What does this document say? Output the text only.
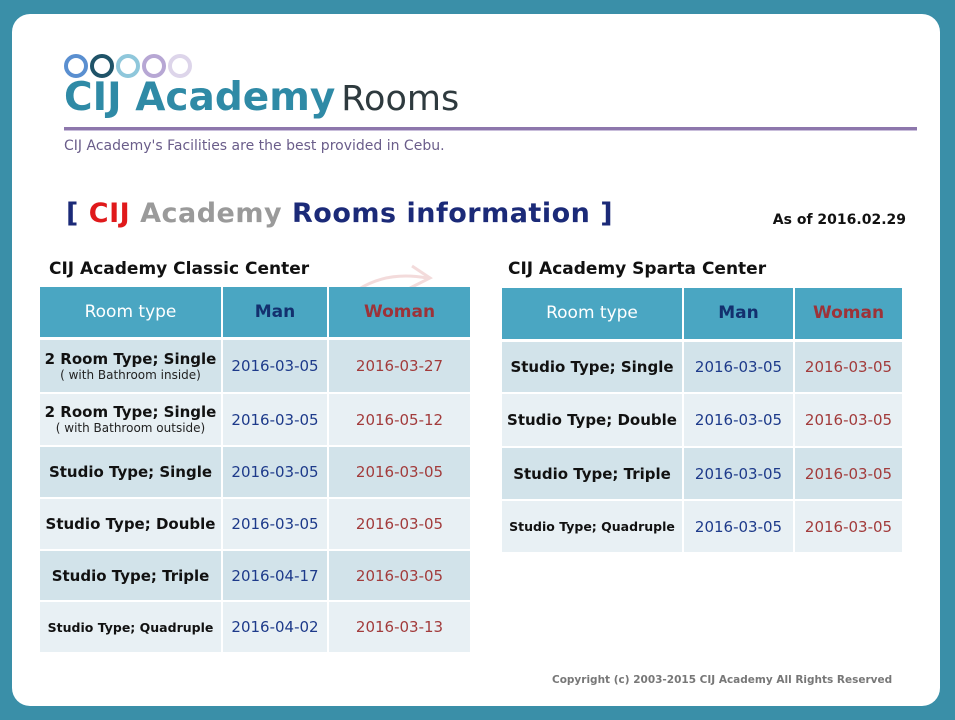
CIJ Academy Rooms
CIJ Academy's Facilities are the best provided in Cebu.
[ CIJ Academy Rooms information ]	As of 2016.02.29
CIJ Academy Classic Center
Room type	Man	Woman
2 Room Type; Single
( with Bathroom inside)	2016-03-05	2016-03-27
2 Room Type; Single
( with Bathroom outside)	2016-03-05	2016-05-12
Studio Type; Single	2016-03-05	2016-03-05
Studio Type; Double	2016-03-05	2016-03-05
Studio Type; Triple	2016-04-17	2016-03-05
Studio Type; Quadruple	2016-04-02	2016-03-13
CIJ Academy Sparta Center
Room type	Man	Woman
Studio Type; Single	2016-03-05	2016-03-05
Studio Type; Double	2016-03-05	2016-03-05
Studio Type; Triple	2016-03-05	2016-03-05
Studio Type; Quadruple	2016-03-05	2016-03-05
Copyright (c) 2003-2015 CIJ Academy All Rights Reserved
